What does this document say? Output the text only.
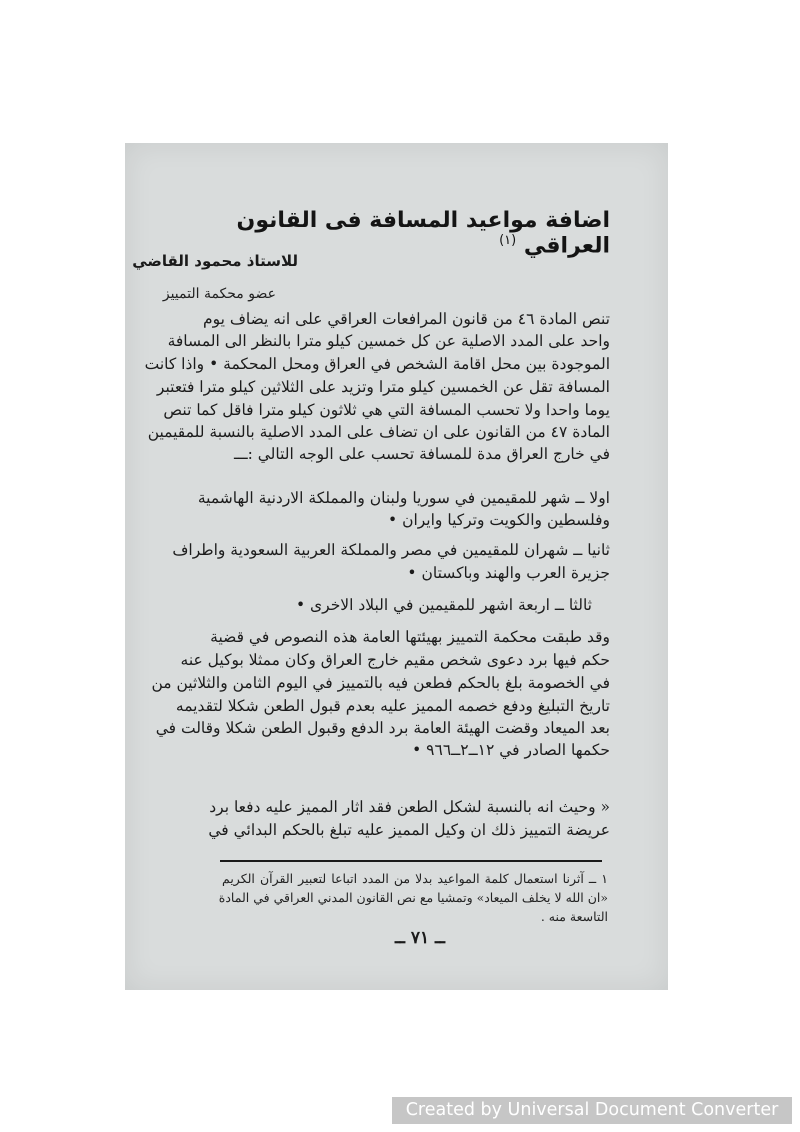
اضافة مواعيد المسافة فى القانون العراقي $^{(١)}$
للاستاذ محمود القاضي
عضو محكمة التمييز
تنص المادة ٤٦ من قانون المرافعات العراقي على انه يضاف يوم
واحد على المدد الاصلية عن كل خمسين كيلو مترا بالنظر الى المسافة
الموجودة بين محل اقامة الشخص في العراق ومحل المحكمة • واذا كانت
المسافة تقل عن الخمسين كيلو مترا وتزيد على الثلاثين كيلو مترا فتعتبر
يوما واحدا ولا تحسب المسافة التي هي ثلاثون كيلو مترا فاقل كما تنص
المادة ٤٧ من القانون على ان تضاف على المدد الاصلية بالنسبة للمقيمين
في خارج العراق مدة للمسافة تحسب على الوجه التالي :ـــ
اولا ــ شهر للمقيمين في سوريا ولبنان والمملكة الاردنية الهاشمية
وفلسطين والكويت وتركيا وايران •
ثانيا ــ شهران للمقيمين في مصر والمملكة العربية السعودية واطراف
جزيرة العرب والهند وباكستان •
ثالثا ــ اربعة اشهر للمقيمين في البلاد الاخرى •
وقد طبقت محكمة التمييز بهيئتها العامة هذه النصوص في قضية
حكم فيها برد دعوى شخص مقيم خارج العراق وكان ممثلا بوكيل عنه
في الخصومة بلغ بالحكم فطعن فيه بالتمييز في اليوم الثامن والثلاثين من
تاريخ التبليغ ودفع خصمه المميز عليه بعدم قبول الطعن شكلا لتقديمه
بعد الميعاد وقضت الهيئة العامة برد الدفع وقبول الطعن شكلا وقالت في
حكمها الصادر في ١٢ــ٢ــ٩٦٦ •
« وحيث انه بالنسبة لشكل الطعن فقد اثار المميز عليه دفعا برد
عريضة التمييز ذلك ان وكيل المميز عليه تبلغ بالحكم البدائي في
١ ــ آثرنا استعمال كلمة المواعيد بدلا من المدد اتباعا لتعبير القرآن الكريم
«ان الله لا يخلف الميعاد» وتمشيا مع نص القانون المدني العراقي في المادة
التاسعة منه .
ــ ٧١ ــ
Created by Universal Document Converter
